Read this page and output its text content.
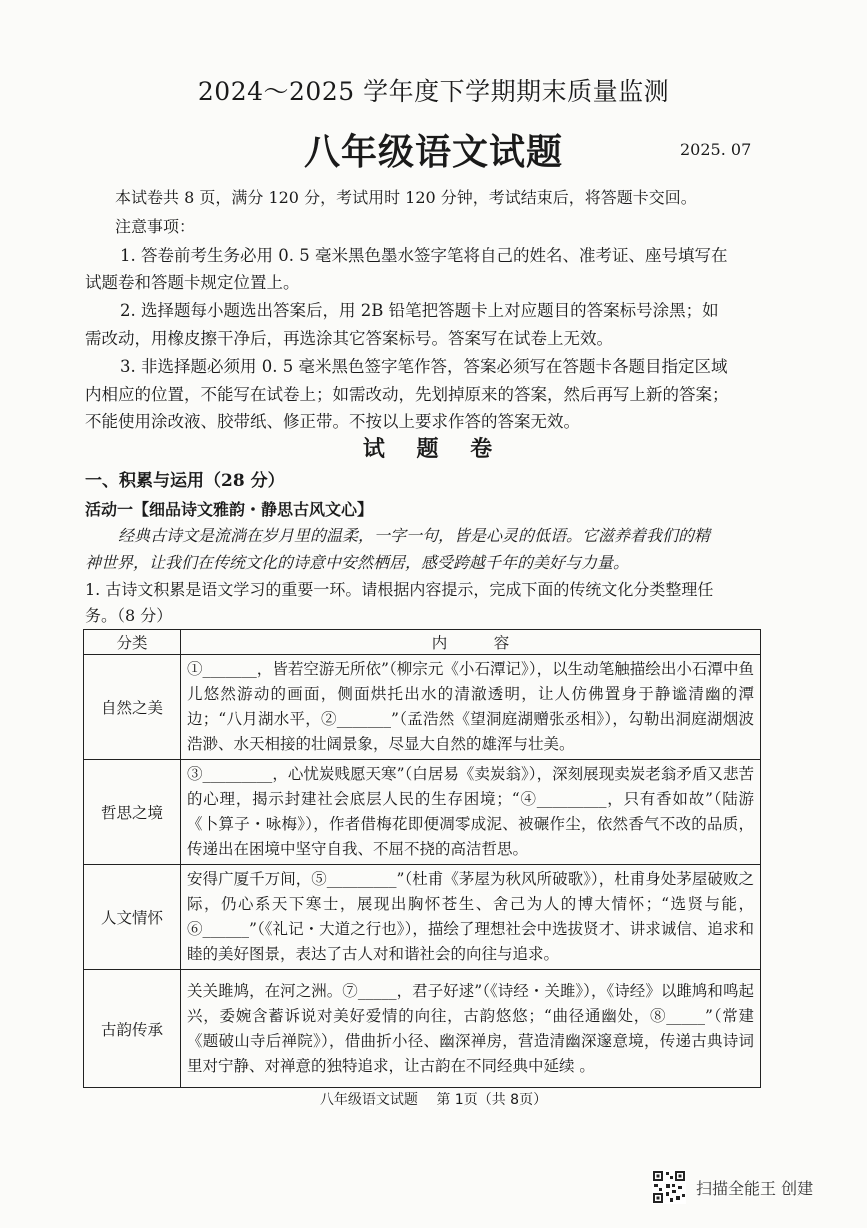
2024～2025 学年度下学期期末质量监测
八年级语文试题	2025. 07
本试卷共 8 页，满分 120 分，考试用时 120 分钟，考试结束后，将答题卡交回。
注意事项：
1. 答卷前考生务必用 0. 5 毫米黑色墨水签字笔将自己的姓名、准考证、座号填写在
试题卷和答题卡规定位置上。
2. 选择题每小题选出答案后，用 2B 铅笔把答题卡上对应题目的答案标号涂黑；如
需改动，用橡皮擦干净后，再选涂其它答案标号。答案写在试卷上无效。
3. 非选择题必须用 0. 5 毫米黑色签字笔作答，答案必须写在答题卡各题目指定区域
内相应的位置，不能写在试卷上；如需改动，先划掉原来的答案，然后再写上新的答案；
不能使用涂改液、胶带纸、修正带。不按以上要求作答的答案无效。
试 题 卷
一、积累与运用（28 分）
活动一【细品诗文雅韵・静思古风文心】
经典古诗文是流淌在岁月里的温柔，一字一句，皆是心灵的低语。它滋养着我们的精
神世界，让我们在传统文化的诗意中安然栖居，感受跨越千年的美好与力量。
1. 古诗文积累是语文学习的重要一环。请根据内容提示，完成下面的传统文化分类整理任
务。（8 分）
分类	内　　　容
自然之美	①_______，皆若空游无所依”（柳宗元《小石潭记》），以生动笔触描绘出小石潭中鱼儿悠然游动的画面，侧面烘托出水的清澈透明，让人仿佛置身于静谧清幽的潭边；“八月湖水平，②_______”（孟浩然《望洞庭湖赠张丞相》），勾勒出洞庭湖烟波浩渺、水天相接的壮阔景象，尽显大自然的雄浑与壮美。
哲思之境	③_________，心忧炭贱愿天寒”（白居易《卖炭翁》），深刻展现卖炭老翁矛盾又悲苦的心理，揭示封建社会底层人民的生存困境；“④_________，只有香如故”（陆游《卜算子・咏梅》），作者借梅花即便凋零成泥、被碾作尘，依然香气不改的品质，传递出在困境中坚守自我、不屈不挠的高洁哲思。
人文情怀	安得广厦千万间，⑤_________”（杜甫《茅屋为秋风所破歌》），杜甫身处茅屋破败之际，仍心系天下寒士，展现出胸怀苍生、舍己为人的博大情怀；“选贤与能，⑥______”（《礼记・大道之行也》），描绘了理想社会中选拔贤才、讲求诚信、追求和睦的美好图景，表达了古人对和谐社会的向往与追求。
古韵传承	关关雎鸠，在河之洲。⑦_____，君子好逑”（《诗经・关雎》），《诗经》以雎鸠和鸣起兴，委婉含蓄诉说对美好爱情的向往，古韵悠悠；“曲径通幽处，⑧_____”（常建《题破山寺后禅院》），借曲折小径、幽深禅房，营造清幽深邃意境，传递古典诗词里对宁静、对禅意的独特追求，让古韵在不同经典中延续 。
八年级语文试题　 第 1页（共 8页）
扫描全能王 创建
